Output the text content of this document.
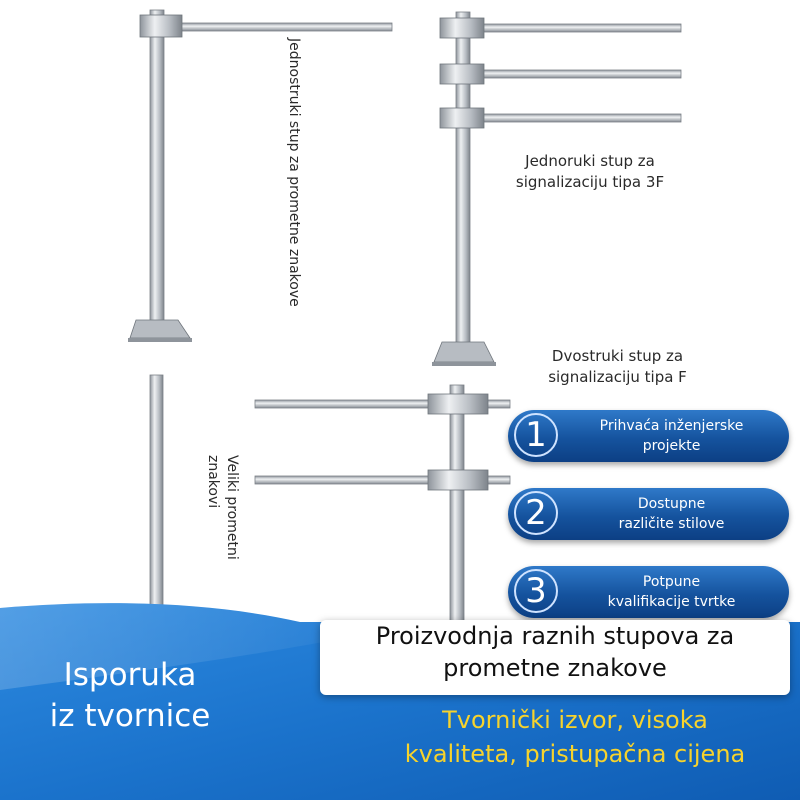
Jednostruki stup za prometne znakove	Jednoruki stup za
signalizaciju tipa 3F
Dvostruki stup za
signalizaciju tipa F
Veliki prometni
znakovi
1	Prihvaća inženjerske
projekte
2	Dostupne
različite stilove
3	Potpune
kvalifikacije tvrtke
Proizvodnja raznih stupova za
prometne znakove
Isporuka
iz tvornice	Tvornički izvor, visoka
kvaliteta, pristupačna cijena
